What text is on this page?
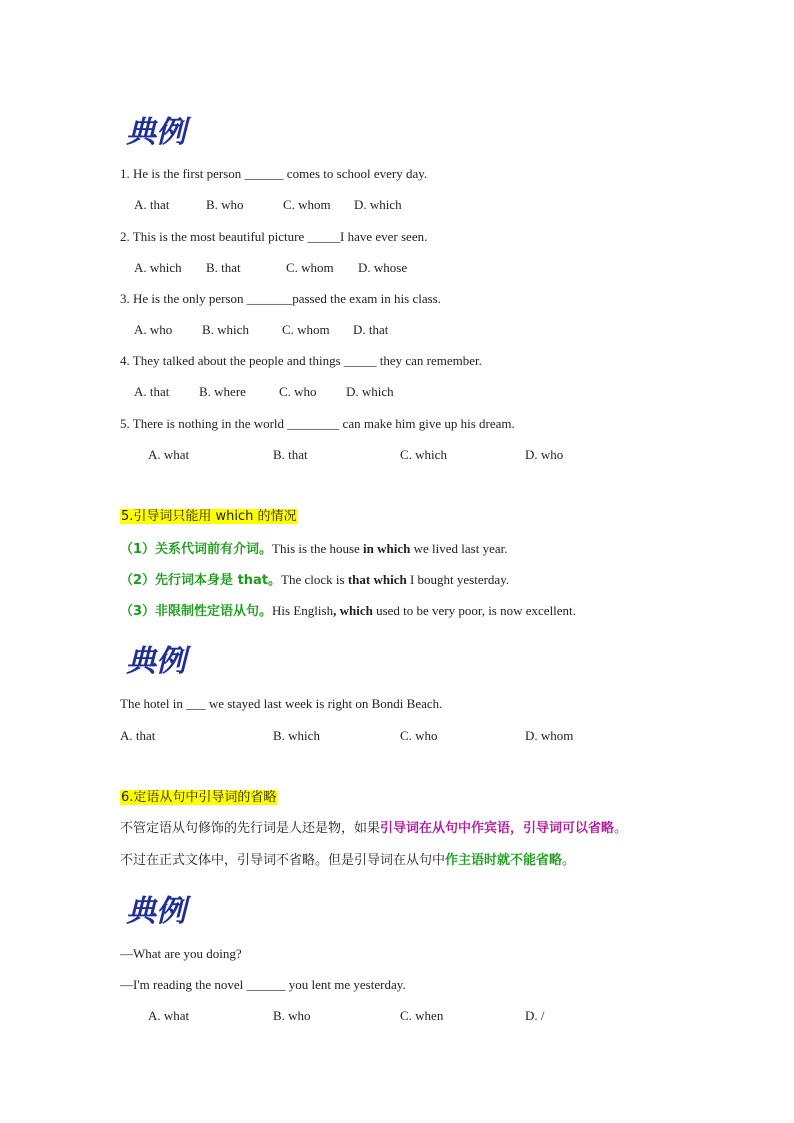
典例
1. He is the first person ______ comes to school every day.
A. that	B. who	C. whom D. which
2. This is the most beautiful picture _____I have ever seen.
A. which B. that	C. whom D. whose
3. He is the only person _______passed the exam in his class.
A. who B. which	C. whom D. that
4. They talked about the people and things _____ they can remember.
A. that B. where	C. who D. which
5. There is nothing in the world ________ can make him give up his dream.
A. what	B. that	C. which	D. who
5.引导词只能用 which 的情况
（1）关系代词前有介词。This is the house in which we lived last year.
（2）先行词本身是 that。The clock is that which I bought yesterday.
（3）非限制性定语从句。His English, which used to be very poor, is now excellent.
典例
The hotel in ___ we stayed last week is right on Bondi Beach.
A. that	B. which	C. who	D. whom
6.定语从句中引导词的省略
不管定语从句修饰的先行词是人还是物，如果引导词在从句中作宾语，引导词可以省略。
不过在正式文体中，引导词不省略。但是引导词在从句中作主语时就不能省略。
典例
—What are you doing?
—I'm reading the novel ______ you lent me yesterday.
A. what	B. who	C. when	D. /
